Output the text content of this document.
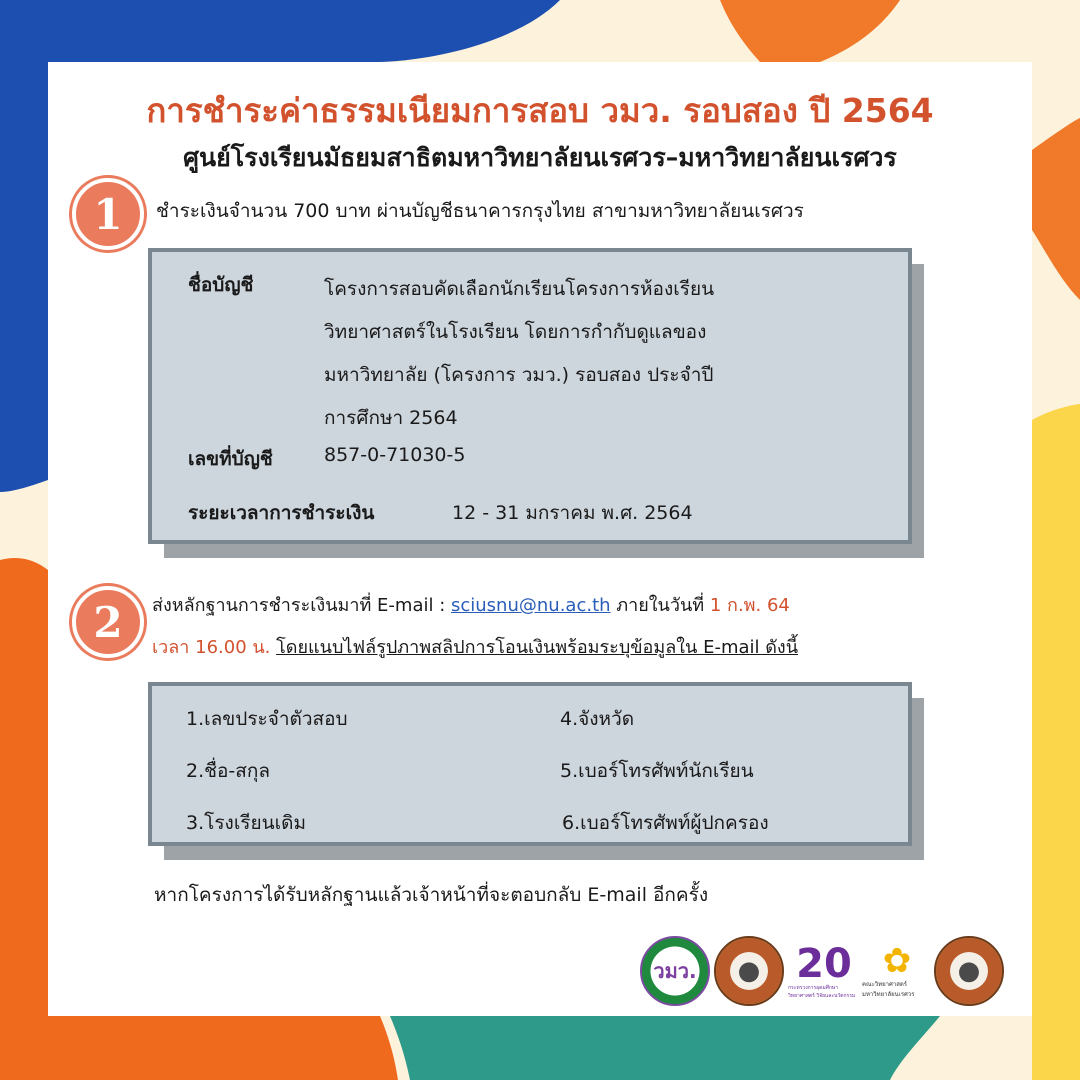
การชำระค่าธรรมเนียมการสอบ วมว. รอบสอง ปี 2564
ศูนย์โรงเรียนมัธยมสาธิตมหาวิทยาลัยนเรศวร–มหาวิทยาลัยนเรศวร
1	ชำระเงินจำนวน 700 บาท ผ่านบัญชีธนาคารกรุงไทย สาขามหาวิทยาลัยนเรศวร
ชื่อบัญชี	โครงการสอบคัดเลือกนักเรียนโครงการห้องเรียน
วิทยาศาสตร์ในโรงเรียน โดยการกำกับดูแลของ
มหาวิทยาลัย (โครงการ วมว.) รอบสอง ประจำปี
การศึกษา 2564
เลขที่บัญชี	857-0-71030-5
ระยะเวลาการชำระเงิน	12 - 31 มกราคม พ.ศ. 2564
2	ส่งหลักฐานการชำระเงินมาที่ E-mail : sciusnu@nu.ac.th ภายในวันที่ 1 ก.พ. 64
เวลา 16.00 น. โดยแนบไฟล์รูปภาพสลิปการโอนเงินพร้อมระบุข้อมูลใน E-mail ดังนี้
1.เลขประจำตัวสอบ
2.ชื่อ-สกุล
3.โรงเรียนเดิม
4.จังหวัด
5.เบอร์โทรศัพท์นักเรียน
6.เบอร์โทรศัพท์ผู้ปกครอง
หากโครงการได้รับหลักฐานแล้วเจ้าหน้าที่จะตอบกลับ E-mail อีกครั้ง
วมว. ● 20
กระทรวงการอุดมศึกษา วิทยาศาสตร์ วิจัยและนวัตกรรม
✿
คณะวิทยาศาสตร์ มหาวิทยาลัยนเรศวร
●
